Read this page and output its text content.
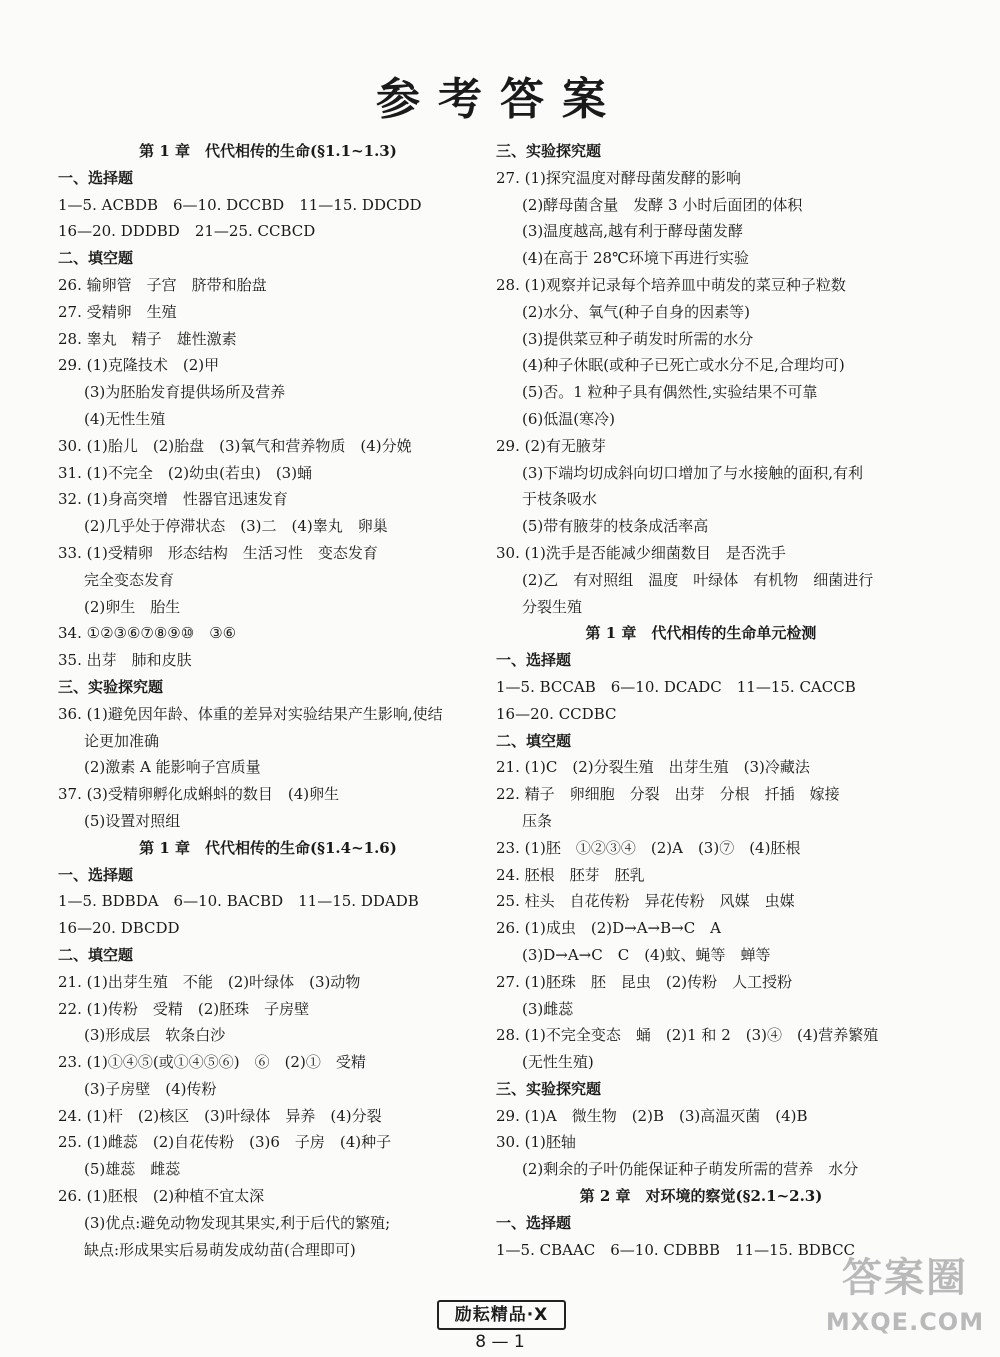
参考答案
第 1 章　代代相传的生命(§1.1~1.3)
一、选择题
1—5. ACBDB　6—10. DCCBD　11—15. DDCDD
16—20. DDDBD　21—25. CCBCD
二、填空题
26. 输卵管　子宫　脐带和胎盘
27. 受精卵　生殖
28. 睾丸　精子　雄性激素
29. (1)克隆技术　(2)甲
(3)为胚胎发育提供场所及营养
(4)无性生殖
30. (1)胎儿　(2)胎盘　(3)氧气和营养物质　(4)分娩
31. (1)不完全　(2)幼虫(若虫)　(3)蛹
32. (1)身高突增　性器官迅速发育
(2)几乎处于停滞状态　(3)二　(4)睾丸　卵巢
33. (1)受精卵　形态结构　生活习性　变态发育
完全变态发育
(2)卵生　胎生
34. ①②③⑥⑦⑧⑨⑩　③⑥
35. 出芽　肺和皮肤
三、实验探究题
36. (1)避免因年龄、体重的差异对实验结果产生影响,使结
论更加准确
(2)激素 A 能影响子宫质量
37. (3)受精卵孵化成蝌蚪的数目　(4)卵生
(5)设置对照组
第 1 章　代代相传的生命(§1.4~1.6)
一、选择题
1—5. BDBDA　6—10. BACBD　11—15. DDADB
16—20. DBCDD
二、填空题
21. (1)出芽生殖　不能　(2)叶绿体　(3)动物
22. (1)传粉　受精　(2)胚珠　子房壁
(3)形成层　软条白沙
23. (1)①④⑤(或①④⑤⑥)　⑥　(2)①　受精
(3)子房壁　(4)传粉
24. (1)杆　(2)核区　(3)叶绿体　异养　(4)分裂
25. (1)雌蕊　(2)自花传粉　(3)6　子房　(4)种子
(5)雄蕊　雌蕊
26. (1)胚根　(2)种植不宜太深
(3)优点:避免动物发现其果实,利于后代的繁殖;
缺点:形成果实后易萌发成幼苗(合理即可)
三、实验探究题
27. (1)探究温度对酵母菌发酵的影响
(2)酵母菌含量　发酵 3 小时后面团的体积
(3)温度越高,越有利于酵母菌发酵
(4)在高于 28℃环境下再进行实验
28. (1)观察并记录每个培养皿中萌发的菜豆种子粒数
(2)水分、氧气(种子自身的因素等)
(3)提供菜豆种子萌发时所需的水分
(4)种子休眠(或种子已死亡或水分不足,合理均可)
(5)否。1 粒种子具有偶然性,实验结果不可靠
(6)低温(寒冷)
29. (2)有无腋芽
(3)下端均切成斜向切口增加了与水接触的面积,有利
于枝条吸水
(5)带有腋芽的枝条成活率高
30. (1)洗手是否能减少细菌数目　是否洗手
(2)乙　有对照组　温度　叶绿体　有机物　细菌进行
分裂生殖
第 1 章　代代相传的生命单元检测
一、选择题
1—5. BCCAB　6—10. DCADC　11—15. CACCB
16—20. CCDBC
二、填空题
21. (1)C　(2)分裂生殖　出芽生殖　(3)冷藏法
22. 精子　卵细胞　分裂　出芽　分根　扦插　嫁接
压条
23. (1)胚　①②③④　(2)A　(3)⑦　(4)胚根
24. 胚根　胚芽　胚乳
25. 柱头　自花传粉　异花传粉　风媒　虫媒
26. (1)成虫　(2)D→A→B→C　A
(3)D→A→C　C　(4)蚊、蝇等　蝉等
27. (1)胚珠　胚　昆虫　(2)传粉　人工授粉
(3)雌蕊
28. (1)不完全变态　蛹　(2)1 和 2　(3)④　(4)营养繁殖
(无性生殖)
三、实验探究题
29. (1)A　微生物　(2)B　(3)高温灭菌　(4)B
30. (1)胚轴
(2)剩余的子叶仍能保证种子萌发所需的营养　水分
第 2 章　对环境的察觉(§2.1~2.3)
一、选择题
1—5. CBAAC　6—10. CDBBB　11—15. BDBCC
励耘精品·X
8 — 1
答案圈
MXQE.COM
